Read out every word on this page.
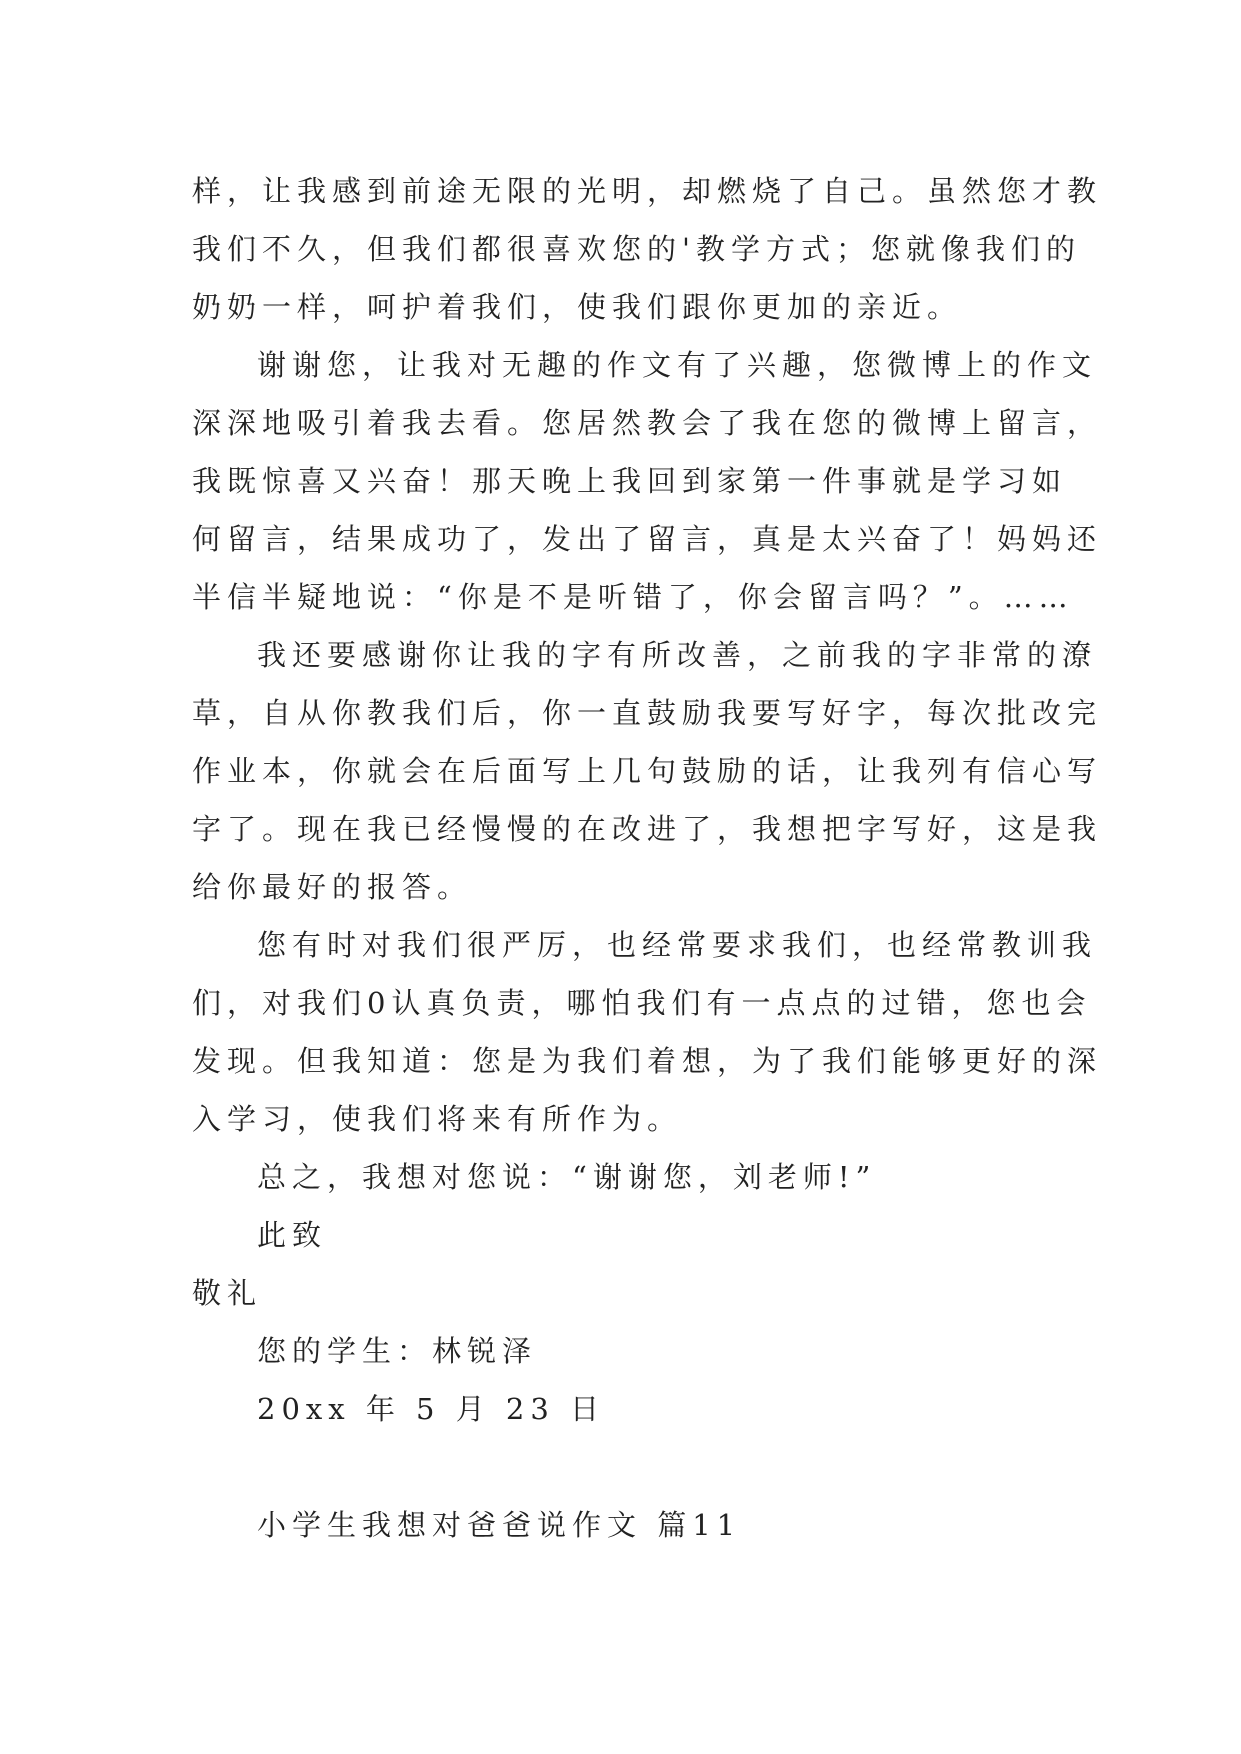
样，让我感到前途无限的光明，却燃烧了自己。虽然您才教
我们不久，但我们都很喜欢您的'教学方式；您就像我们的
奶奶一样，呵护着我们，使我们跟你更加的亲近。
谢谢您，让我对无趣的作文有了兴趣，您微博上的作文
深深地吸引着我去看。您居然教会了我在您的微博上留言，
我既惊喜又兴奋！那天晚上我回到家第一件事就是学习如
何留言，结果成功了，发出了留言，真是太兴奋了！妈妈还
半信半疑地说：“你是不是听错了，你会留言吗？”。……
我还要感谢你让我的字有所改善，之前我的字非常的潦
草，自从你教我们后，你一直鼓励我要写好字，每次批改完
作业本，你就会在后面写上几句鼓励的话，让我列有信心写
字了。现在我已经慢慢的在改进了，我想把字写好，这是我
给你最好的报答。
您有时对我们很严厉，也经常要求我们，也经常教训我
们，对我们0认真负责，哪怕我们有一点点的过错，您也会
发现。但我知道：您是为我们着想，为了我们能够更好的深
入学习，使我们将来有所作为。
总之，我想对您说：“谢谢您，刘老师!”
此致
敬礼
您的学生：林锐泽
20xx 年 5 月 23 日
小学生我想对爸爸说作文 篇11
